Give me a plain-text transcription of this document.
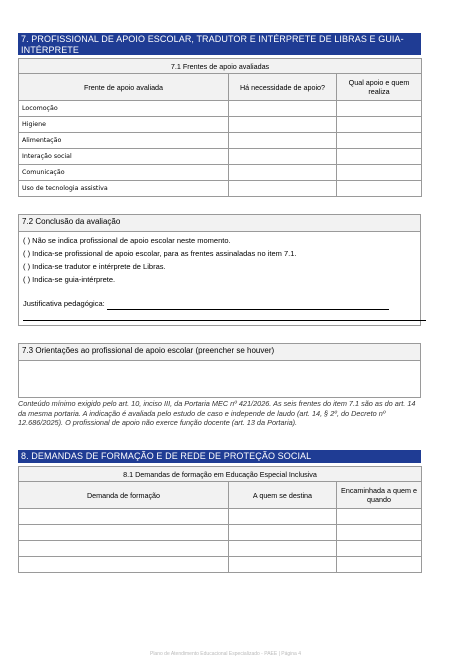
7. PROFISSIONAL DE APOIO ESCOLAR, TRADUTOR E INTÉRPRETE DE LIBRAS E GUIA-INTÉRPRETE
7.1 Frentes de apoio avaliadas		
Frente de apoio avaliada	Há necessidade de apoio?	Qual apoio e quem realiza
Locomoção		
Higiene		
Alimentação		
Interação social		
Comunicação		
Uso de tecnologia assistiva		
7.2 Conclusão da avaliação
( ) Não se indica profissional de apoio escolar neste momento.
( ) Indica-se profissional de apoio escolar, para as frentes assinaladas no item 7.1.
( ) Indica-se tradutor e intérprete de Libras.
( ) Indica-se guia-intérprete.
Justificativa pedagógica:
7.3 Orientações ao profissional de apoio escolar (preencher se houver)
Conteúdo mínimo exigido pelo art. 10, inciso III, da Portaria MEC nº 421/2026. As seis frentes do item 7.1 são as do art. 14 da mesma portaria. A indicação é avaliada pelo estudo de caso e independe de laudo (art. 14, § 2º, do Decreto nº 12.686/2025). O profissional de apoio não exerce função docente (art. 13 da Portaria).
8. DEMANDAS DE FORMAÇÃO E DE REDE DE PROTEÇÃO SOCIAL
8.1 Demandas de formação em Educação Especial Inclusiva		
Demanda de formação	A quem se destina	Encaminhada a quem e quando

Plano de Atendimento Educacional Especializado - PAEE | Página 4
